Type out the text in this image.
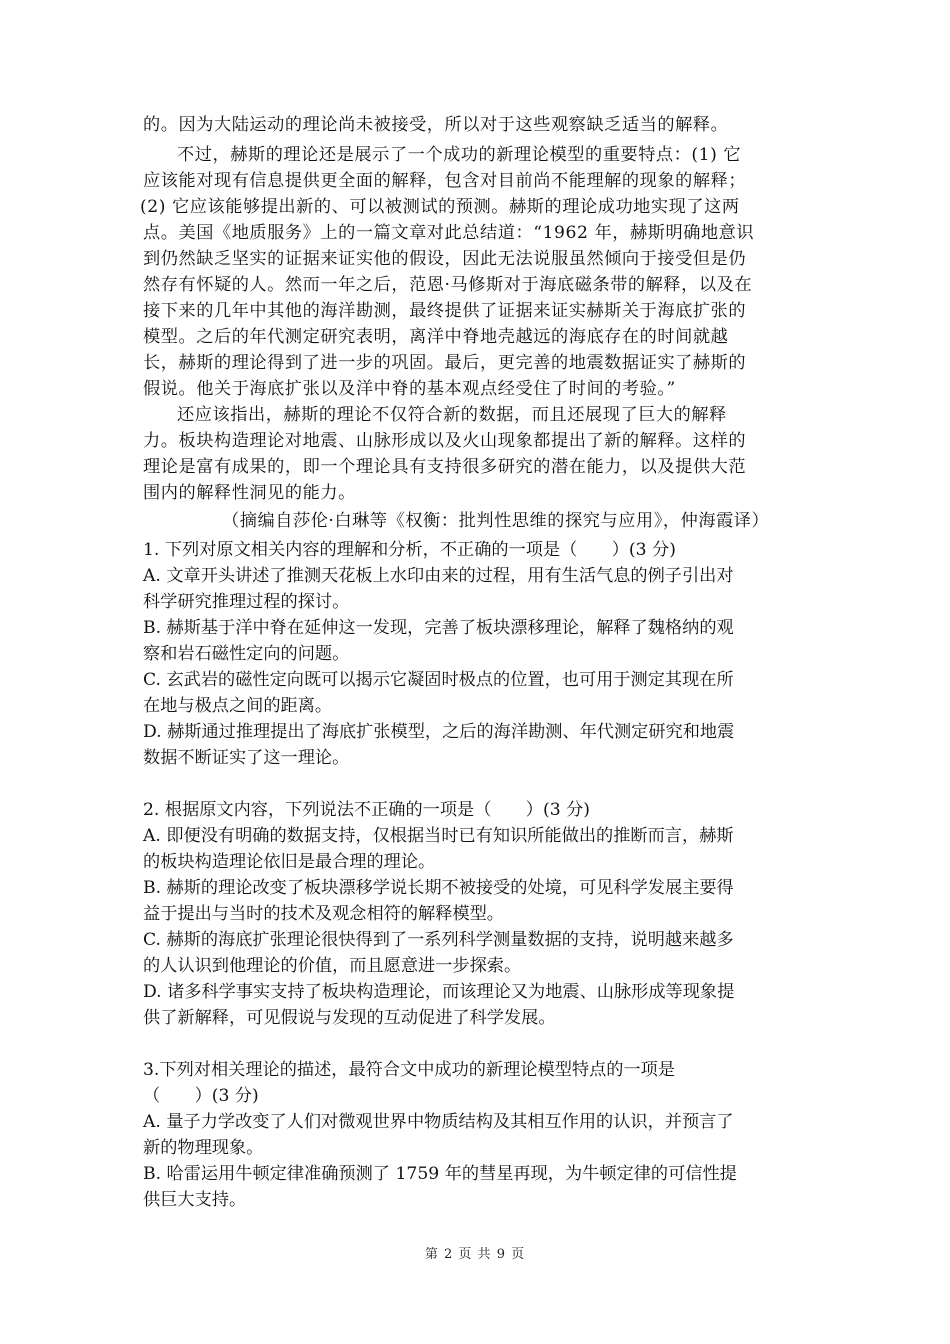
的。因为大陆运动的理论尚未被接受，所以对于这些观察缺乏适当的解释。
不过，赫斯的理论还是展示了一个成功的新理论模型的重要特点：(1) 它
应该能对现有信息提供更全面的解释，包含对目前尚不能理解的现象的解释；
(2) 它应该能够提出新的、可以被测试的预测。赫斯的理论成功地实现了这两
点。美国《地质服务》上的一篇文章对此总结道：“1962 年，赫斯明确地意识
到仍然缺乏坚实的证据来证实他的假设，因此无法说服虽然倾向于接受但是仍
然存有怀疑的人。然而一年之后，范恩·马修斯对于海底磁条带的解释，以及在
接下来的几年中其他的海洋勘测，最终提供了证据来证实赫斯关于海底扩张的
模型。之后的年代测定研究表明，离洋中脊地壳越远的海底存在的时间就越
长，赫斯的理论得到了进一步的巩固。最后，更完善的地震数据证实了赫斯的
假说。他关于海底扩张以及洋中脊的基本观点经受住了时间的考验。”
还应该指出，赫斯的理论不仅符合新的数据，而且还展现了巨大的解释
力。板块构造理论对地震、山脉形成以及火山现象都提出了新的解释。这样的
理论是富有成果的，即一个理论具有支持很多研究的潜在能力，以及提供大范
围内的解释性洞见的能力。
（摘编自莎伦·白琳等《权衡：批判性思维的探究与应用》，仲海霞译）
1. 下列对原文相关内容的理解和分析，不正确的一项是（　　）(3 分)
A. 文章开头讲述了推测天花板上水印由来的过程，用有生活气息的例子引出对
科学研究推理过程的探讨。
B. 赫斯基于洋中脊在延伸这一发现，完善了板块漂移理论，解释了魏格纳的观
察和岩石磁性定向的问题。
C. 玄武岩的磁性定向既可以揭示它凝固时极点的位置，也可用于测定其现在所
在地与极点之间的距离。
D. 赫斯通过推理提出了海底扩张模型，之后的海洋勘测、年代测定研究和地震
数据不断证实了这一理论。
2. 根据原文内容，下列说法不正确的一项是（　　）(3 分)
A. 即便没有明确的数据支持，仅根据当时已有知识所能做出的推断而言，赫斯
的板块构造理论依旧是最合理的理论。
B. 赫斯的理论改变了板块漂移学说长期不被接受的处境，可见科学发展主要得
益于提出与当时的技术及观念相符的解释模型。
C. 赫斯的海底扩张理论很快得到了一系列科学测量数据的支持，说明越来越多
的人认识到他理论的价值，而且愿意进一步探索。
D. 诸多科学事实支持了板块构造理论，而该理论又为地震、山脉形成等现象提
供了新解释，可见假说与发现的互动促进了科学发展。
3.下列对相关理论的描述，最符合文中成功的新理论模型特点的一项是
（　　）(3 分)
A. 量子力学改变了人们对微观世界中物质结构及其相互作用的认识，并预言了
新的物理现象。
B. 哈雷运用牛顿定律准确预测了 1759 年的彗星再现，为牛顿定律的可信性提
供巨大支持。
第 2 页 共 9 页
